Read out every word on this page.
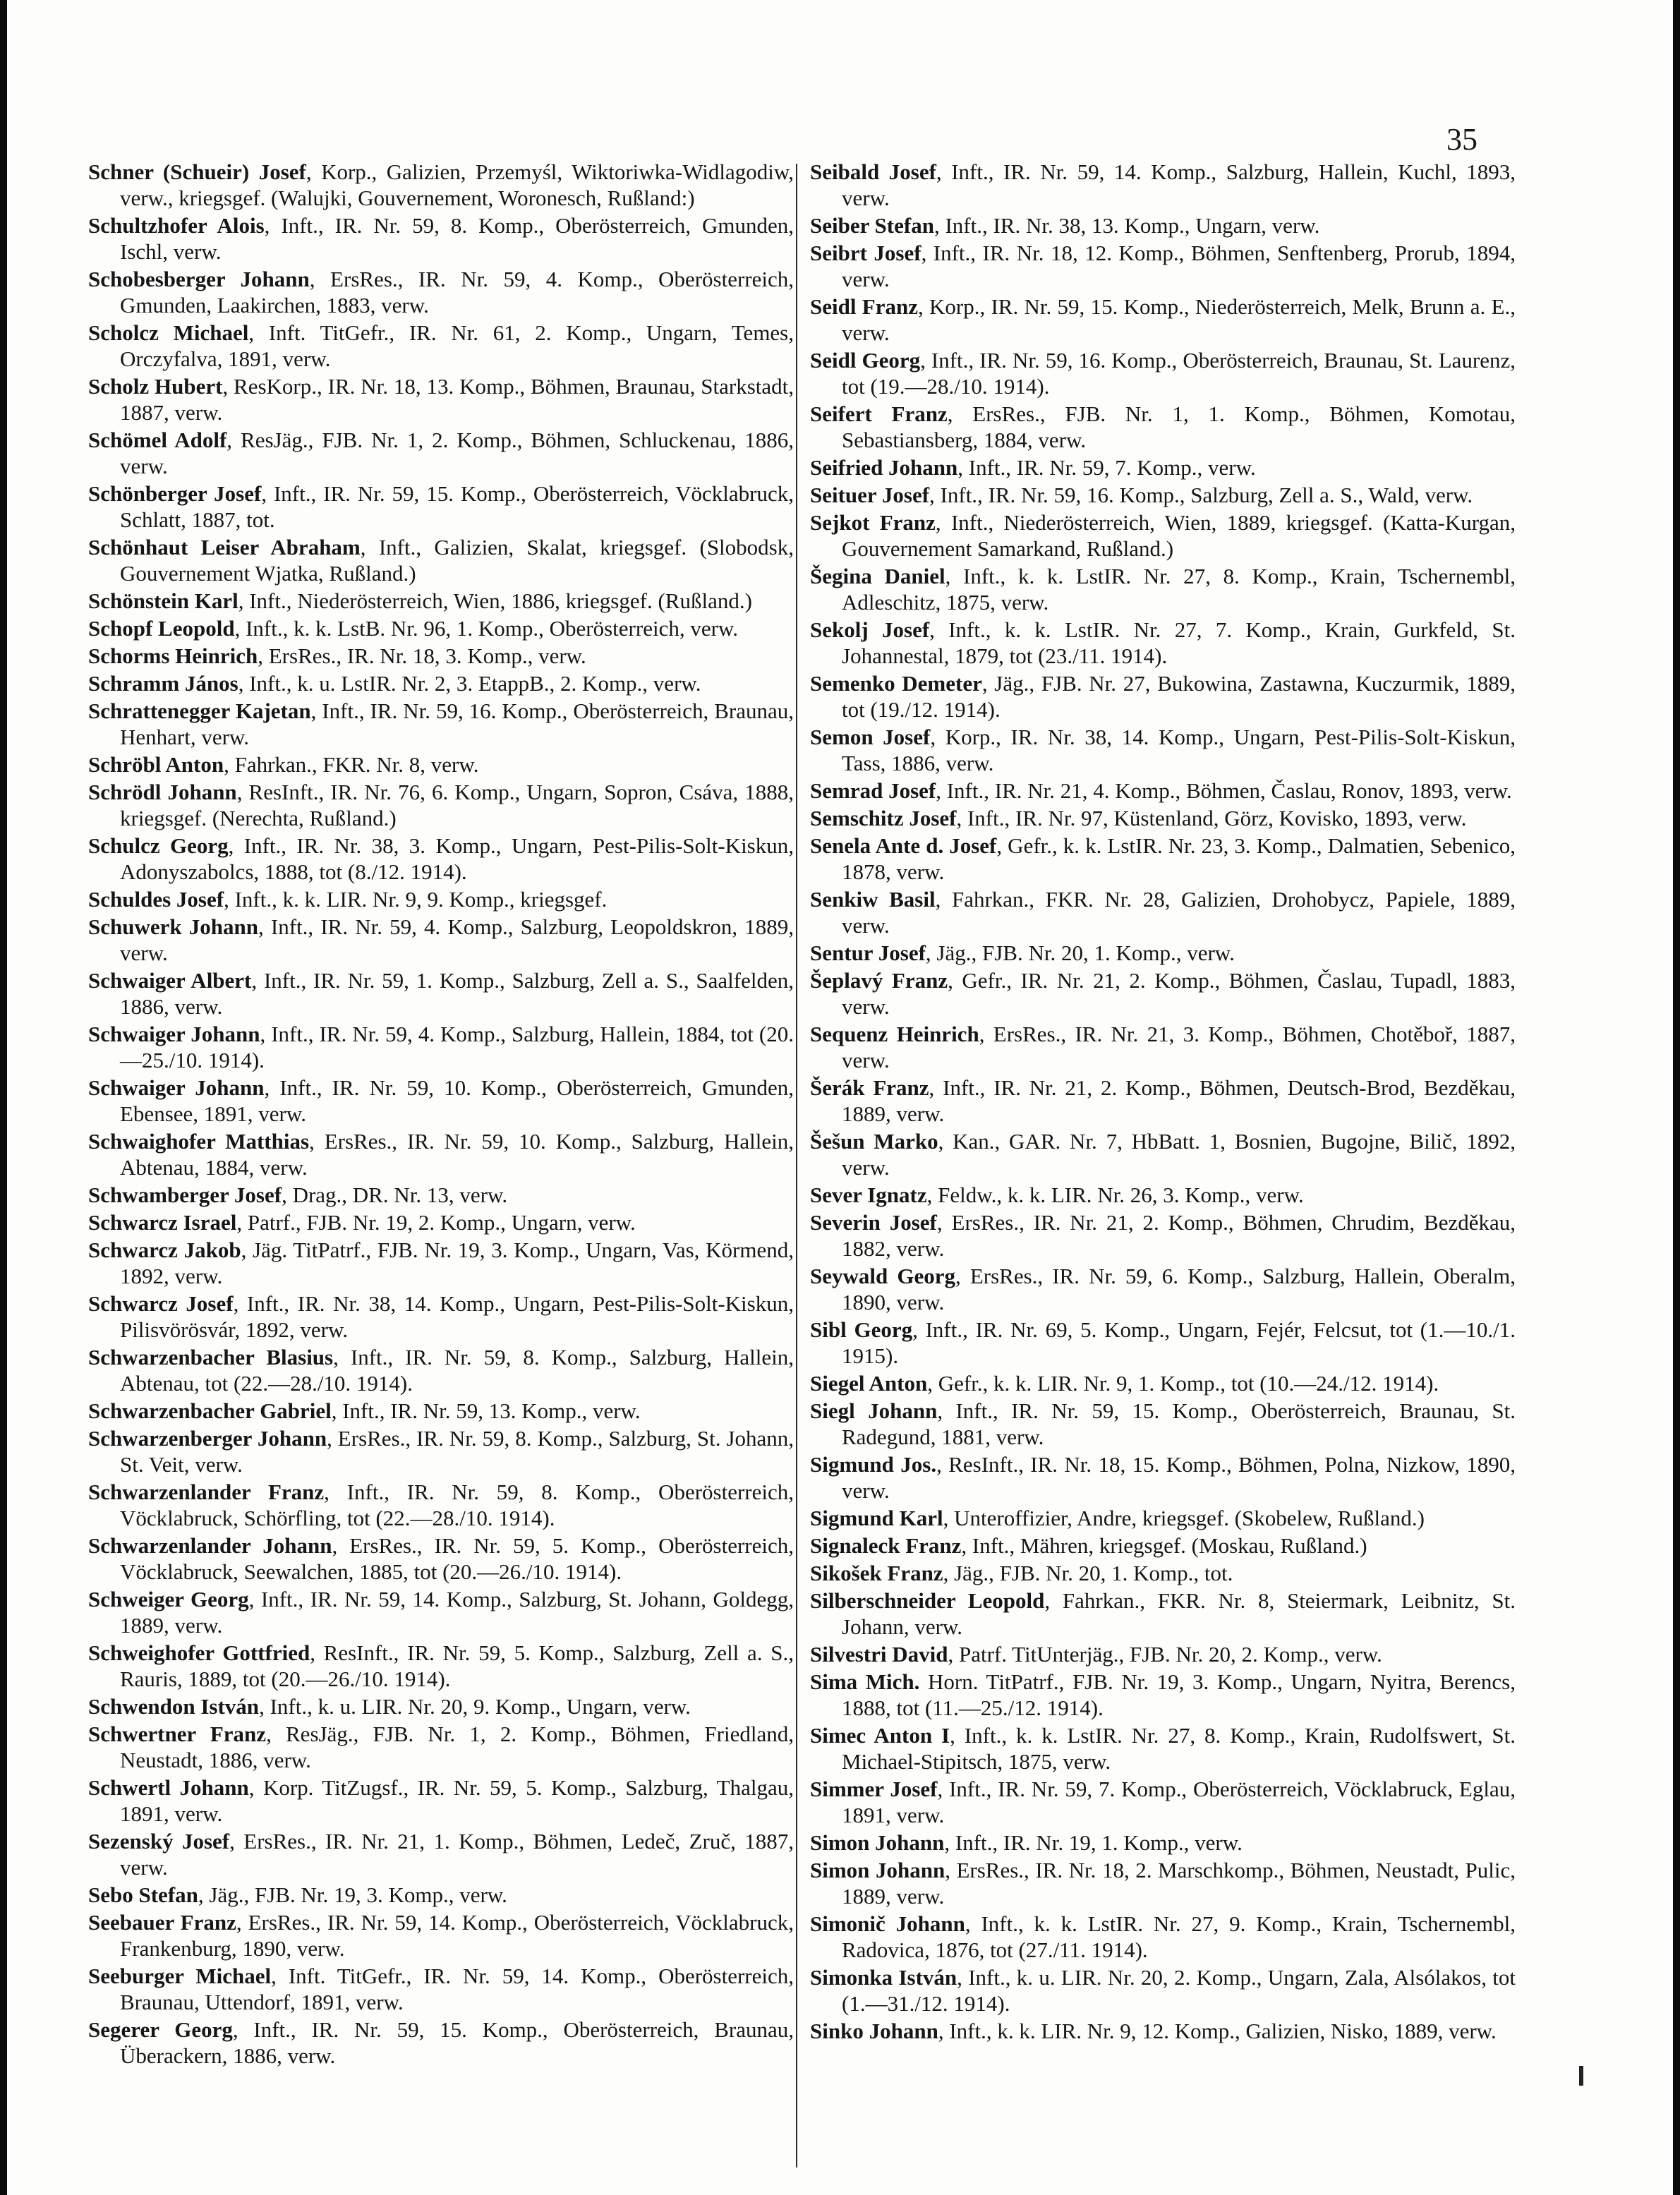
35
Schner (Schueir) Josef, Korp., Galizien, Przemyśl, Wiktoriwka-Widlagodiw, verw., kriegsgef. (Walujki, Gouvernement, Woronesch, Rußland:)
Schultzhofer Alois, Inft., IR. Nr. 59, 8. Komp., Oberösterreich, Gmunden, Ischl, verw.
Schobesberger Johann, ErsRes., IR. Nr. 59, 4. Komp., Oberösterreich, Gmunden, Laakirchen, 1883, verw.
Scholcz Michael, Inft. TitGefr., IR. Nr. 61, 2. Komp., Ungarn, Temes, Orczyfalva, 1891, verw.
Scholz Hubert, ResKorp., IR. Nr. 18, 13. Komp., Böhmen, Braunau, Starkstadt, 1887, verw.
Schömel Adolf, ResJäg., FJB. Nr. 1, 2. Komp., Böhmen, Schluckenau, 1886, verw.
Schönberger Josef, Inft., IR. Nr. 59, 15. Komp., Oberösterreich, Vöcklabruck, Schlatt, 1887, tot.
Schönhaut Leiser Abraham, Inft., Galizien, Skalat, kriegsgef. (Slobodsk, Gouvernement Wjatka, Rußland.)
Schönstein Karl, Inft., Niederösterreich, Wien, 1886, kriegsgef. (Rußland.)
Schopf Leopold, Inft., k. k. LstB. Nr. 96, 1. Komp., Oberösterreich, verw.
Schorms Heinrich, ErsRes., IR. Nr. 18, 3. Komp., verw.
Schramm János, Inft., k. u. LstIR. Nr. 2, 3. EtappB., 2. Komp., verw.
Schrattenegger Kajetan, Inft., IR. Nr. 59, 16. Komp., Oberösterreich, Braunau, Henhart, verw.
Schröbl Anton, Fahrkan., FKR. Nr. 8, verw.
Schrödl Johann, ResInft., IR. Nr. 76, 6. Komp., Ungarn, Sopron, Csáva, 1888, kriegsgef. (Nerechta, Rußland.)
Schulcz Georg, Inft., IR. Nr. 38, 3. Komp., Ungarn, Pest-Pilis-Solt-Kiskun, Adonyszabolcs, 1888, tot (8./12. 1914).
Schuldes Josef, Inft., k. k. LIR. Nr. 9, 9. Komp., kriegsgef.
Schuwerk Johann, Inft., IR. Nr. 59, 4. Komp., Salzburg, Leopoldskron, 1889, verw.
Schwaiger Albert, Inft., IR. Nr. 59, 1. Komp., Salzburg, Zell a. S., Saalfelden, 1886, verw.
Schwaiger Johann, Inft., IR. Nr. 59, 4. Komp., Salzburg, Hallein, 1884, tot (20.—25./10. 1914).
Schwaiger Johann, Inft., IR. Nr. 59, 10. Komp., Oberösterreich, Gmunden, Ebensee, 1891, verw.
Schwaighofer Matthias, ErsRes., IR. Nr. 59, 10. Komp., Salzburg, Hallein, Abtenau, 1884, verw.
Schwamberger Josef, Drag., DR. Nr. 13, verw.
Schwarcz Israel, Patrf., FJB. Nr. 19, 2. Komp., Ungarn, verw.
Schwarcz Jakob, Jäg. TitPatrf., FJB. Nr. 19, 3. Komp., Ungarn, Vas, Körmend, 1892, verw.
Schwarcz Josef, Inft., IR. Nr. 38, 14. Komp., Ungarn, Pest-Pilis-Solt-Kiskun, Pilisvörösvár, 1892, verw.
Schwarzenbacher Blasius, Inft., IR. Nr. 59, 8. Komp., Salzburg, Hallein, Abtenau, tot (22.—28./10. 1914).
Schwarzenbacher Gabriel, Inft., IR. Nr. 59, 13. Komp., verw.
Schwarzenberger Johann, ErsRes., IR. Nr. 59, 8. Komp., Salzburg, St. Johann, St. Veit, verw.
Schwarzenlander Franz, Inft., IR. Nr. 59, 8. Komp., Oberösterreich, Vöcklabruck, Schörfling, tot (22.—28./10. 1914).
Schwarzenlander Johann, ErsRes., IR. Nr. 59, 5. Komp., Oberösterreich, Vöcklabruck, Seewalchen, 1885, tot (20.—26./10. 1914).
Schweiger Georg, Inft., IR. Nr. 59, 14. Komp., Salzburg, St. Johann, Goldegg, 1889, verw.
Schweighofer Gottfried, ResInft., IR. Nr. 59, 5. Komp., Salzburg, Zell a. S., Rauris, 1889, tot (20.—26./10. 1914).
Schwendon István, Inft., k. u. LIR. Nr. 20, 9. Komp., Ungarn, verw.
Schwertner Franz, ResJäg., FJB. Nr. 1, 2. Komp., Böhmen, Friedland, Neustadt, 1886, verw.
Schwertl Johann, Korp. TitZugsf., IR. Nr. 59, 5. Komp., Salzburg, Thalgau, 1891, verw.
Sezenský Josef, ErsRes., IR. Nr. 21, 1. Komp., Böhmen, Ledeč, Zruč, 1887, verw.
Sebo Stefan, Jäg., FJB. Nr. 19, 3. Komp., verw.
Seebauer Franz, ErsRes., IR. Nr. 59, 14. Komp., Oberösterreich, Vöcklabruck, Frankenburg, 1890, verw.
Seeburger Michael, Inft. TitGefr., IR. Nr. 59, 14. Komp., Oberösterreich, Braunau, Uttendorf, 1891, verw.
Segerer Georg, Inft., IR. Nr. 59, 15. Komp., Oberösterreich, Braunau, Überackern, 1886, verw.
Seibald Josef, Inft., IR. Nr. 59, 14. Komp., Salzburg, Hallein, Kuchl, 1893, verw.
Seiber Stefan, Inft., IR. Nr. 38, 13. Komp., Ungarn, verw.
Seibrt Josef, Inft., IR. Nr. 18, 12. Komp., Böhmen, Senftenberg, Prorub, 1894, verw.
Seidl Franz, Korp., IR. Nr. 59, 15. Komp., Niederösterreich, Melk, Brunn a. E., verw.
Seidl Georg, Inft., IR. Nr. 59, 16. Komp., Oberösterreich, Braunau, St. Laurenz, tot (19.—28./10. 1914).
Seifert Franz, ErsRes., FJB. Nr. 1, 1. Komp., Böhmen, Komotau, Sebastiansberg, 1884, verw.
Seifried Johann, Inft., IR. Nr. 59, 7. Komp., verw.
Seituer Josef, Inft., IR. Nr. 59, 16. Komp., Salzburg, Zell a. S., Wald, verw.
Sejkot Franz, Inft., Niederösterreich, Wien, 1889, kriegsgef. (Katta-Kurgan, Gouvernement Samarkand, Rußland.)
Šegina Daniel, Inft., k. k. LstIR. Nr. 27, 8. Komp., Krain, Tschernembl, Adleschitz, 1875, verw.
Sekolj Josef, Inft., k. k. LstIR. Nr. 27, 7. Komp., Krain, Gurkfeld, St. Johannestal, 1879, tot (23./11. 1914).
Semenko Demeter, Jäg., FJB. Nr. 27, Bukowina, Zastawna, Kuczurmik, 1889, tot (19./12. 1914).
Semon Josef, Korp., IR. Nr. 38, 14. Komp., Ungarn, Pest-Pilis-Solt-Kiskun, Tass, 1886, verw.
Semrad Josef, Inft., IR. Nr. 21, 4. Komp., Böhmen, Časlau, Ronov, 1893, verw.
Semschitz Josef, Inft., IR. Nr. 97, Küstenland, Görz, Kovisko, 1893, verw.
Senela Ante d. Josef, Gefr., k. k. LstIR. Nr. 23, 3. Komp., Dalmatien, Sebenico, 1878, verw.
Senkiw Basil, Fahrkan., FKR. Nr. 28, Galizien, Drohobycz, Papiele, 1889, verw.
Sentur Josef, Jäg., FJB. Nr. 20, 1. Komp., verw.
Šeplavý Franz, Gefr., IR. Nr. 21, 2. Komp., Böhmen, Časlau, Tupadl, 1883, verw.
Sequenz Heinrich, ErsRes., IR. Nr. 21, 3. Komp., Böhmen, Chotěboř, 1887, verw.
Šerák Franz, Inft., IR. Nr. 21, 2. Komp., Böhmen, Deutsch-Brod, Bezděkau, 1889, verw.
Šešun Marko, Kan., GAR. Nr. 7, HbBatt. 1, Bosnien, Bugojne, Bilič, 1892, verw.
Sever Ignatz, Feldw., k. k. LIR. Nr. 26, 3. Komp., verw.
Severin Josef, ErsRes., IR. Nr. 21, 2. Komp., Böhmen, Chrudim, Bezděkau, 1882, verw.
Seywald Georg, ErsRes., IR. Nr. 59, 6. Komp., Salzburg, Hallein, Oberalm, 1890, verw.
Sibl Georg, Inft., IR. Nr. 69, 5. Komp., Ungarn, Fejér, Felcsut, tot (1.—10./1. 1915).
Siegel Anton, Gefr., k. k. LIR. Nr. 9, 1. Komp., tot (10.—24./12. 1914).
Siegl Johann, Inft., IR. Nr. 59, 15. Komp., Oberösterreich, Braunau, St. Radegund, 1881, verw.
Sigmund Jos., ResInft., IR. Nr. 18, 15. Komp., Böhmen, Polna, Nizkow, 1890, verw.
Sigmund Karl, Unteroffizier, Andre, kriegsgef. (Skobelew, Rußland.)
Signaleck Franz, Inft., Mähren, kriegsgef. (Moskau, Rußland.)
Sikošek Franz, Jäg., FJB. Nr. 20, 1. Komp., tot.
Silberschneider Leopold, Fahrkan., FKR. Nr. 8, Steiermark, Leibnitz, St. Johann, verw.
Silvestri David, Patrf. TitUnterjäg., FJB. Nr. 20, 2. Komp., verw.
Sima Mich. Horn. TitPatrf., FJB. Nr. 19, 3. Komp., Ungarn, Nyitra, Berencs, 1888, tot (11.—25./12. 1914).
Simec Anton I, Inft., k. k. LstIR. Nr. 27, 8. Komp., Krain, Rudolfswert, St. Michael-Stipitsch, 1875, verw.
Simmer Josef, Inft., IR. Nr. 59, 7. Komp., Oberösterreich, Vöcklabruck, Eglau, 1891, verw.
Simon Johann, Inft., IR. Nr. 19, 1. Komp., verw.
Simon Johann, ErsRes., IR. Nr. 18, 2. Marschkomp., Böhmen, Neustadt, Pulic, 1889, verw.
Simonič Johann, Inft., k. k. LstIR. Nr. 27, 9. Komp., Krain, Tschernembl, Radovica, 1876, tot (27./11. 1914).
Simonka István, Inft., k. u. LIR. Nr. 20, 2. Komp., Ungarn, Zala, Alsólakos, tot (1.—31./12. 1914).
Sinko Johann, Inft., k. k. LIR. Nr. 9, 12. Komp., Galizien, Nisko, 1889, verw.
